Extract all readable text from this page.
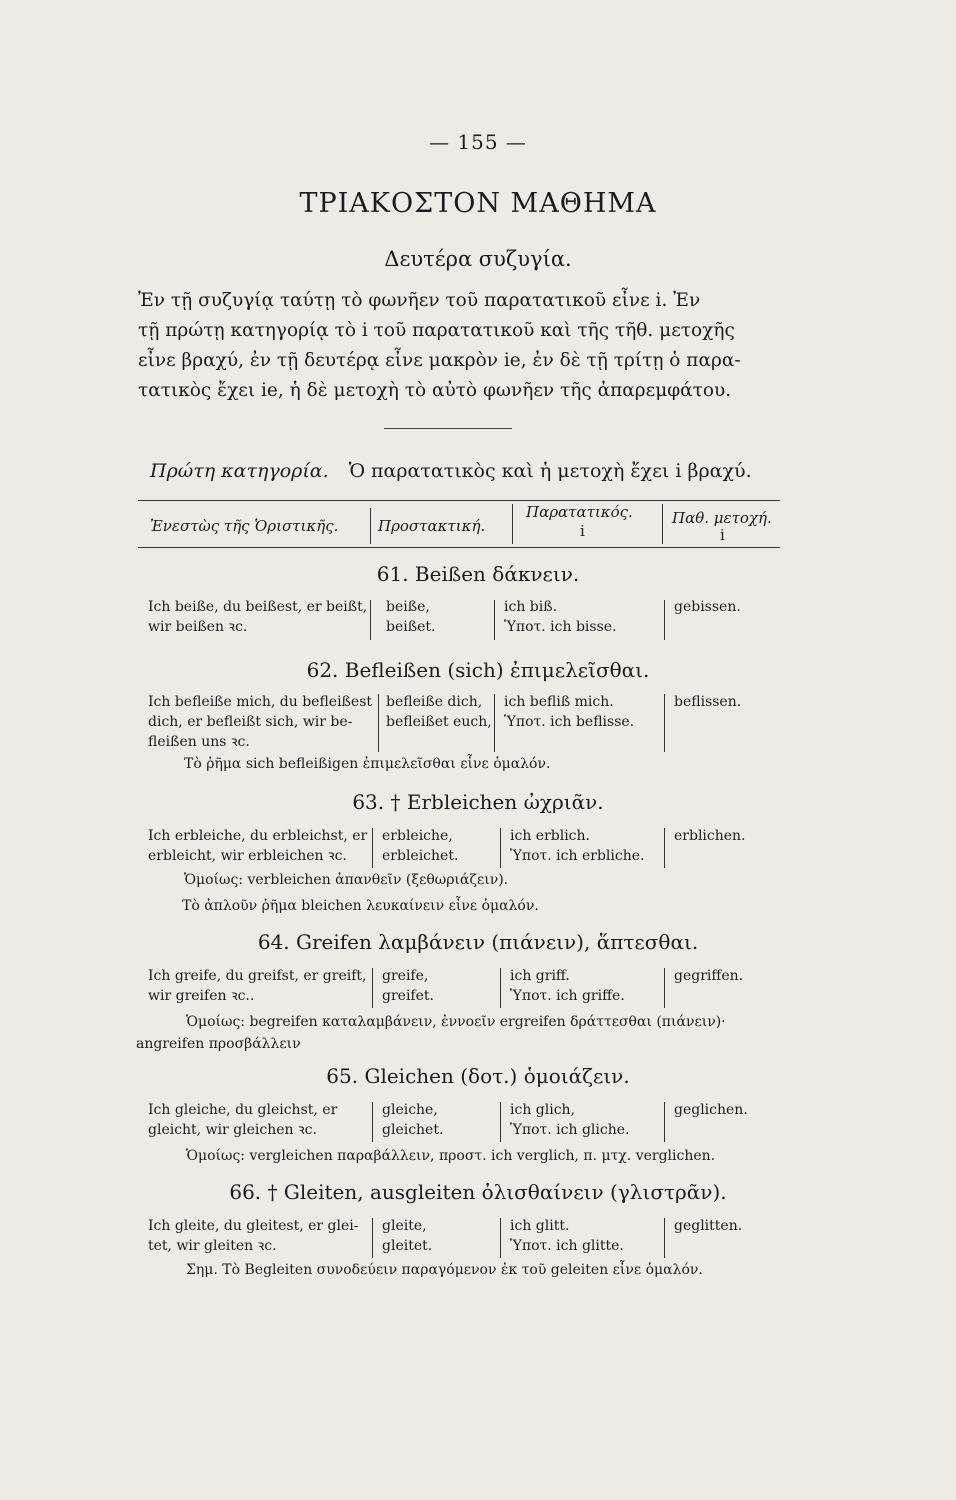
— 155 —
ΤΡΙΑΚΟΣΤΟΝ ΜΑΘΗΜΑ
Δευτέρα συζυγία.
Ἐν τῇ συζυγίᾳ ταύτῃ τὸ φωνῆεν τοῦ παρατατικοῦ εἶνε i. Ἐν
τῇ πρώτῃ κατηγορίᾳ τὸ i τοῦ παρατατικοῦ καὶ τῆς τῆθ. μετοχῆς
εἶνε βραχύ, ἐν τῇ δευτέρᾳ εἶνε μακρὸν ie, ἐν δὲ τῇ τρίτῃ ὁ παρα-
τατικὸς ἔχει ie, ἡ δὲ μετοχὴ τὸ αὐτὸ φωνῆεν τῆς ἀπαρεμφάτου.
Πρώτη κατηγορία. Ὁ παρατατικὸς καὶ ἡ μετοχὴ ἔχει i βραχύ.
Ἐνεστὼς τῆς Ὁριστικῆς.	Προστακτική.
Παρατατικός.
i
Παθ. μετοχή.
i
61. Beißen δάκνειν.
Ich beiße, du beißest, er beißt,
wir beißen ꝛc.
beiße,
beißet.
ich biß.
Ὑποτ. ich bisse.
gebissen.
62. Befleißen (sich) ἐπιμελεῖσθαι.
Ich befleiße mich, du befleißest
dich, er befleißt sich, wir be-
fleißen uns ꝛc.
befleiße dich,
befleißet euch,
ich befliß mich.
Ὑποτ. ich beflisse.
beflissen.
Τὸ ῥῆμα sich befleißigen ἐπιμελεῖσθαι εἶνε ὁμαλόν.
63. † Erbleichen ὠχριᾶν.
Ich erbleiche, du erbleichst, er
erbleicht, wir erbleichen ꝛc.
erbleiche,
erbleichet.
ich erblich.
Ὑποτ. ich erbliche.
erblichen.
Ὁμοίως: verbleichen ἀπανθεῖν (ξεθωριάζειν).
Τὸ ἁπλοῦν ῥῆμα bleichen λευκαίνειν εἶνε ὁμαλόν.
64. Greifen λαμβάνειν (πιάνειν), ἅπτεσθαι.
Ich greife, du greifst, er greift,
wir greifen ꝛc..
greife,
greifet.
ich griff.
Ὑποτ. ich griffe.
gegriffen.
Ὁμοίως: begreifen καταλαμβάνειν, ἐννοεῖν ergreifen δράττεσθαι (πιάνειν)·
angreifen προσβάλλειν
65. Gleichen (δοτ.) ὁμοιάζειν.
Ich gleiche, du gleichst, er
gleicht, wir gleichen ꝛc.
gleiche,
gleichet.
ich glich,
Ὑποτ. ich gliche.
geglichen.
Ὁμοίως: vergleichen παραβάλλειν, προστ. ich verglich, π. μτχ. verglichen.
66. † Gleiten, ausgleiten ὀλισθαίνειν (γλιστρᾶν).
Ich gleite, du gleitest, er glei-
tet, wir gleiten ꝛc.
gleite,
gleitet.
ich glitt.
Ὑποτ. ich glitte.
geglitten.
Σημ. Τὸ Begleiten συνοδεύειν παραγόμενον ἐκ τοῦ geleiten εἶνε ὁμαλόν.
